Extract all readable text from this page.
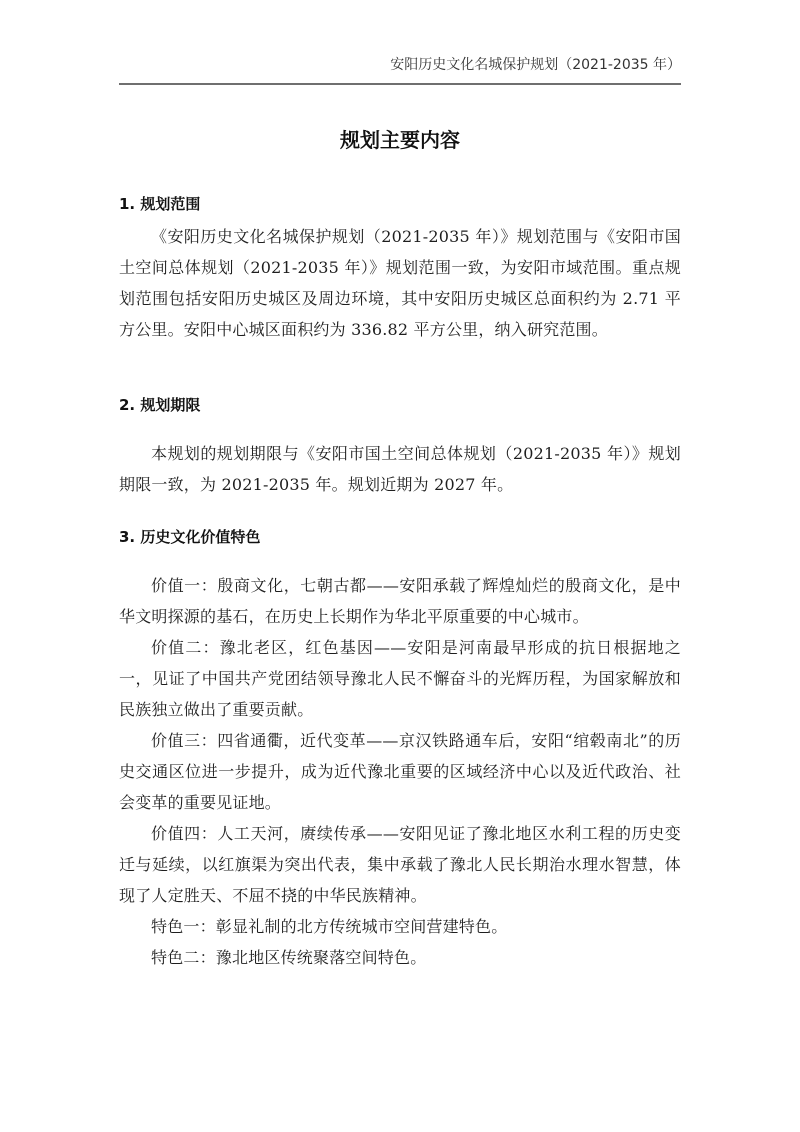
安阳历史文化名城保护规划（2021-2035 年）
规划主要内容
1. 规划范围

《安阳历史文化名城保护规划（2021-2035 年）》规划范围与《安阳市国土空间总体规划（2021-2035 年）》规划范围一致，为安阳市域范围。重点规划范围包括安阳历史城区及周边环境，其中安阳历史城区总面积约为 2.71 平方公里。安阳中心城区面积约为 336.82 平方公里，纳入研究范围。

2. 规划期限

本规划的规划期限与《安阳市国土空间总体规划（2021-2035 年）》规划期限一致，为 2021-2035 年。规划近期为 2027 年。

3. 历史文化价值特色

价值一：殷商文化，七朝古都——安阳承载了辉煌灿烂的殷商文化，是中华文明探源的基石，在历史上长期作为华北平原重要的中心城市。

价值二：豫北老区，红色基因——安阳是河南最早形成的抗日根据地之一，见证了中国共产党团结领导豫北人民不懈奋斗的光辉历程，为国家解放和民族独立做出了重要贡献。

价值三：四省通衢，近代变革——京汉铁路通车后，安阳“绾毂南北”的历史交通区位进一步提升，成为近代豫北重要的区域经济中心以及近代政治、社会变革的重要见证地。

价值四：人工天河，赓续传承——安阳见证了豫北地区水利工程的历史变迁与延续，以红旗渠为突出代表，集中承载了豫北人民长期治水理水智慧，体现了人定胜天、不屈不挠的中华民族精神。

特色一：彰显礼制的北方传统城市空间营建特色。

特色二：豫北地区传统聚落空间特色。
